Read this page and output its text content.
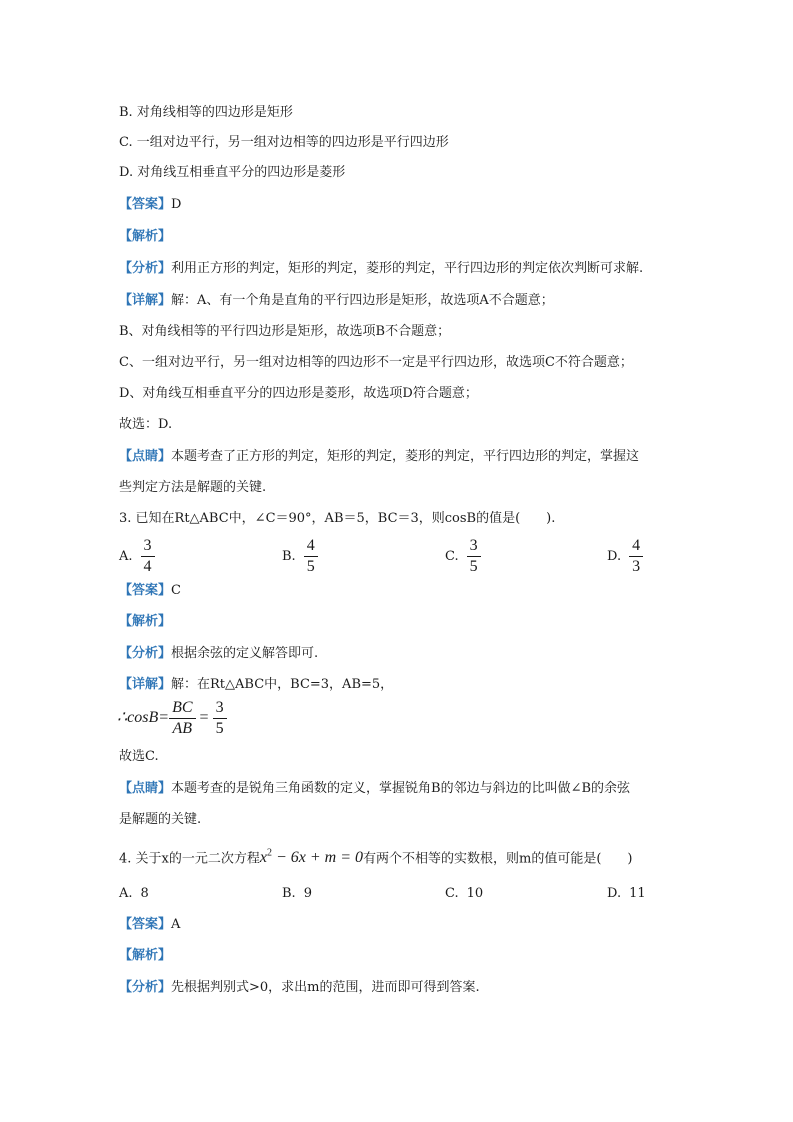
B. 对角线相等的四边形是矩形
C. 一组对边平行，另一组对边相等的四边形是平行四边形
D. 对角线互相垂直平分的四边形是菱形
【答案】D
【解析】
【分析】利用正方形的判定，矩形的判定，菱形的判定，平行四边形的判定依次判断可求解.
【详解】解：A、有一个角是直角的平行四边形是矩形，故选项A不合题意；
B、对角线相等的平行四边形是矩形，故选项B不合题意；
C、一组对边平行，另一组对边相等的四边形不一定是平行四边形，故选项C不符合题意；
D、对角线互相垂直平分的四边形是菱形，故选项D符合题意；
故选：D.
【点睛】本题考查了正方形的判定，矩形的判定，菱形的判定，平行四边形的判定，掌握这
些判定方法是解题的关键.
3. 已知在Rt△ABC中，∠C＝90°，AB＝5，BC＝3，则cosB的值是(　　).
A. $\frac{3}{4}$	B. $\frac{4}{5}$	C. $\frac{3}{5}$	D. $\frac{4}{3}$
【答案】C
【解析】
【分析】根据余弦的定义解答即可.
【详解】解：在Rt△ABC中，BC=3，AB=5，
∴cosB= $\frac{BC}{AB} = \frac{3}{5}$
故选C.
【点睛】本题考查的是锐角三角函数的定义，掌握锐角B的邻边与斜边的比叫做∠B的余弦
是解题的关键.
4. 关于x的一元二次方程$x^2 - 6x + m = 0$有两个不相等的实数根，则m的值可能是(　　)
A. 8	B. 9	C. 10	D. 11
【答案】A
【解析】
【分析】先根据判别式>0，求出m的范围，进而即可得到答案.
